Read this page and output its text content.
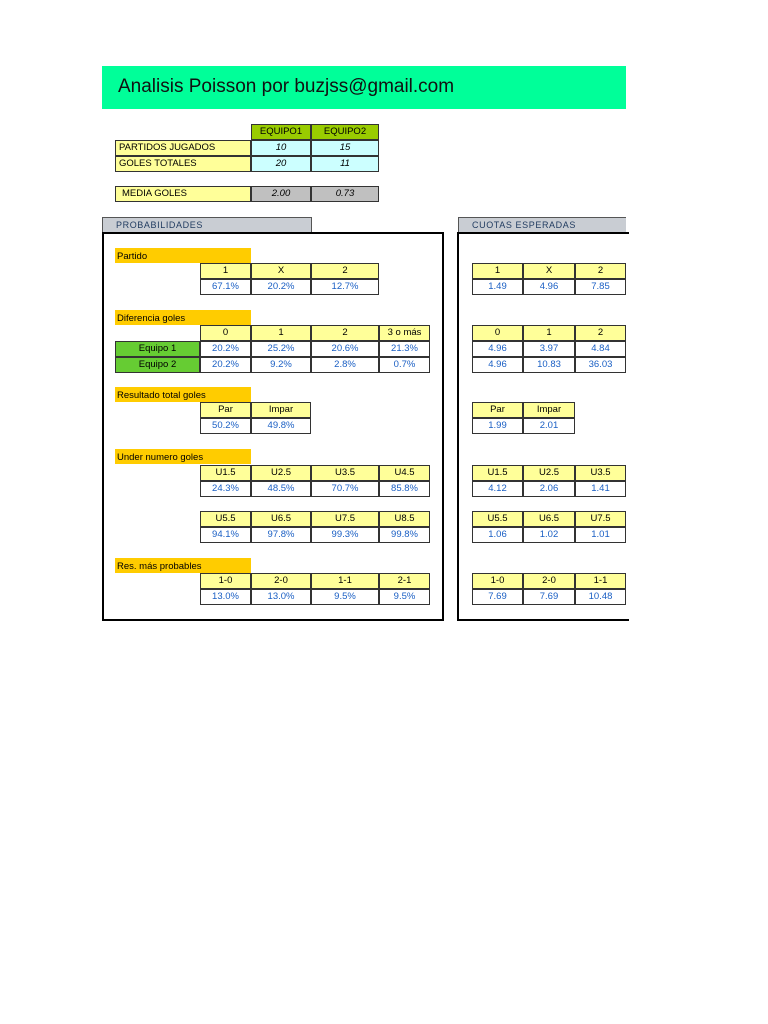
Analisis Poisson por buzjss@gmail.com
EQUIPO1	EQUIPO2
PARTIDOS JUGADOS	10	15
GOLES TOTALES	20	11
MEDIA GOLES	2.00	0.73
PROBABILIDADES	CUOTAS ESPERADAS
Partido
1	X	2
67.1%	20.2%	12.7%
1	X	2
1.49	4.96	7.85
Diferencia goles
0	1	2	3 o más
Equipo 1	20.2%	25.2%	20.6%	21.3%
Equipo 2	20.2%	9.2%	2.8%	0.7%
0	1	2
4.96	3.97	4.84
4.96	10.83	36.03
Resultado total goles
Par	Impar
50.2%	49.8%
Par	Impar
1.99	2.01
Under numero goles
U1.5	U2.5	U3.5	U4.5
24.3%	48.5%	70.7%	85.8%
U5.5	U6.5	U7.5	U8.5
94.1%	97.8%	99.3%	99.8%
U1.5	U2.5	U3.5
4.12	2.06	1.41
U5.5	U6.5	U7.5
1.06	1.02	1.01
Res. más probables
1-0	2-0	1-1	2-1
13.0%	13.0%	9.5%	9.5%
1-0	2-0	1-1
7.69	7.69	10.48
